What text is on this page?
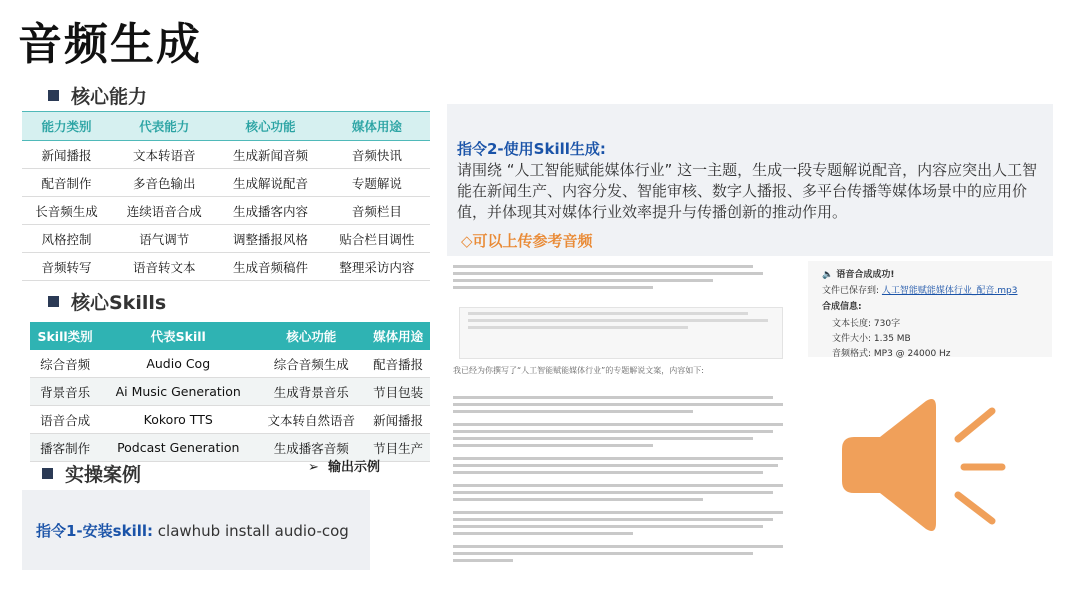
音频生成
核心能力
能力类别	代表能力	核心功能	媒体用途
新闻播报	文本转语音	生成新闻音频	音频快讯
配音制作	多音色输出	生成解说配音	专题解说
长音频生成	连续语音合成	生成播客内容	音频栏目
风格控制	语气调节	调整播报风格	贴合栏目调性
音频转写	语音转文本	生成音频稿件	整理采访内容
核心Skills
Skill类别	代表Skill	核心功能	媒体用途
综合音频	Audio Cog	综合音频生成	配音播报
背景音乐	Ai Music Generation	生成背景音乐	节目包装
语音合成	Kokoro TTS	文本转自然语音	新闻播报
播客制作	Podcast Generation	生成播客音频	节目生产
实操案例	➢ 输出示例
指令1-安装skill: clawhub install audio-cog
指令2-使用Skill生成:
请围绕 “人工智能赋能媒体行业” 这一主题，生成一段专题解说配音，内容应突出人工智能在新闻生产、内容分发、智能审核、数字人播报、多平台传播等媒体场景中的应用价值，并体现其对媒体行业效率提升与传播创新的推动作用。
◇可以上传参考音频
我已经为你撰写了“人工智能赋能媒体行业”的专题解说文案，内容如下:
🔈 语音合成成功!
文件已保存到: 人工智能赋能媒体行业_配音.mp3
合成信息:
文本长度: 730字
文件大小: 1.35 MB
音频格式: MP3 @ 24000 Hz
